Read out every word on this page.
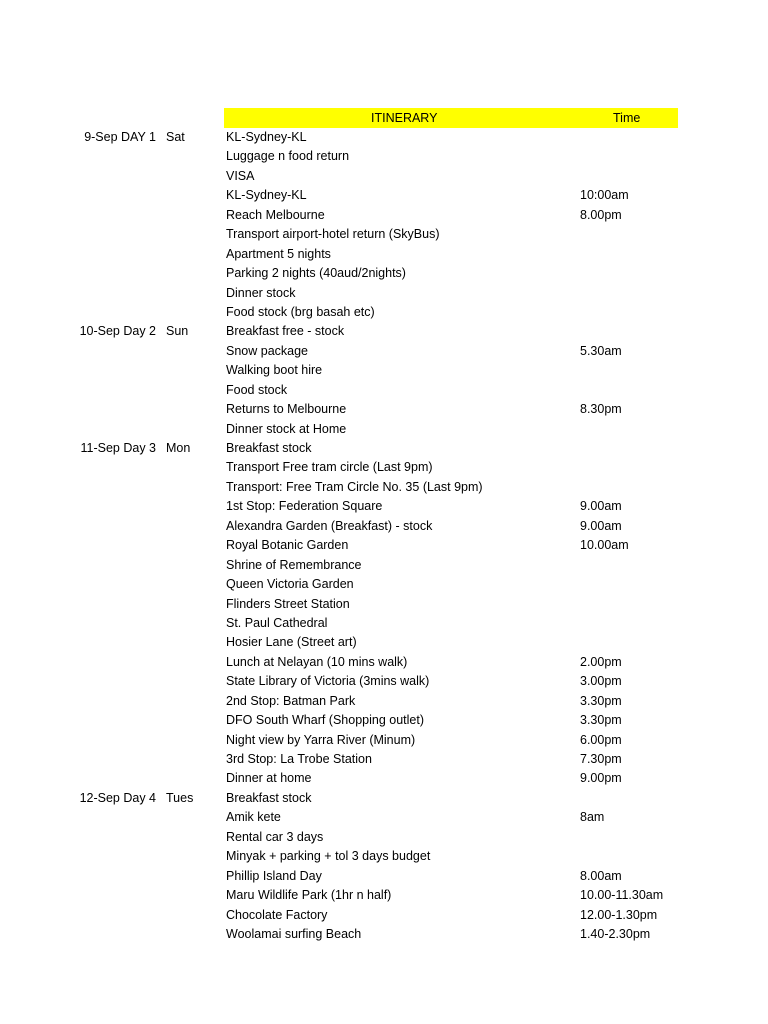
ITINERARY	Time
9-Sep DAY 1 Sat	KL-Sydney-KL
Luggage n food return
VISA
KL-Sydney-KL	10:00am
Reach Melbourne	8.00pm
Transport airport-hotel return (SkyBus)
Apartment 5 nights
Parking 2 nights (40aud/2nights)
Dinner stock
Food stock (brg basah etc)
10-Sep Day 2 Sun	Breakfast free - stock
Snow package	5.30am
Walking boot hire
Food stock
Returns to Melbourne	8.30pm
Dinner stock at Home
11-Sep Day 3 Mon	Breakfast stock
Transport Free tram circle (Last 9pm)
Transport: Free Tram Circle No. 35 (Last 9pm)
1st Stop: Federation Square	9.00am
Alexandra Garden (Breakfast) - stock	9.00am
Royal Botanic Garden	10.00am
Shrine of Remembrance
Queen Victoria Garden
Flinders Street Station
St. Paul Cathedral
Hosier Lane (Street art)
Lunch at Nelayan (10 mins walk)	2.00pm
State Library of Victoria (3mins walk)	3.00pm
2nd Stop: Batman Park	3.30pm
DFO South Wharf (Shopping outlet)	3.30pm
Night view by Yarra River (Minum)	6.00pm
3rd Stop: La Trobe Station	7.30pm
Dinner at home	9.00pm
12-Sep Day 4 Tues	Breakfast stock
Amik kete	8am
Rental car 3 days
Minyak + parking + tol 3 days budget
Phillip Island Day	8.00am
Maru Wildlife Park (1hr n half)	10.00-11.30am
Chocolate Factory	12.00-1.30pm
Woolamai surfing Beach	1.40-2.30pm
